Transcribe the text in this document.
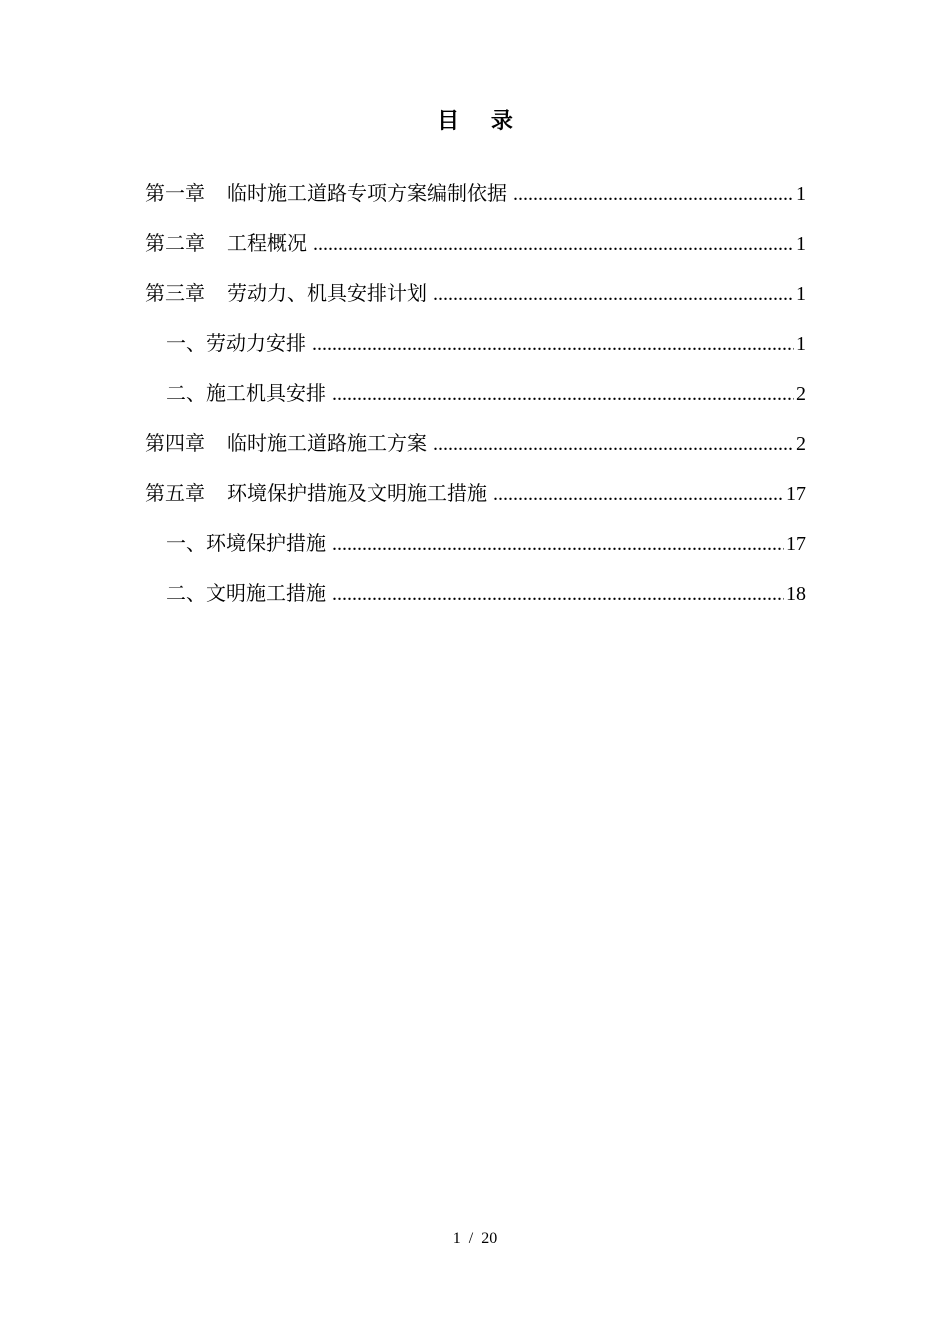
目 录
第一章 临时施工道路专项方案编制依据 .....	1
第二章 工程概况 .....	1
第三章 劳动力、机具安排计划 .....	1
一、劳动力安排 .....	1
二、施工机具安排 .....	2
第四章 临时施工道路施工方案 .....	2
第五章 环境保护措施及文明施工措施 .....	17
一、环境保护措施 .....	17
二、文明施工措施 .....	18
1  /  20
